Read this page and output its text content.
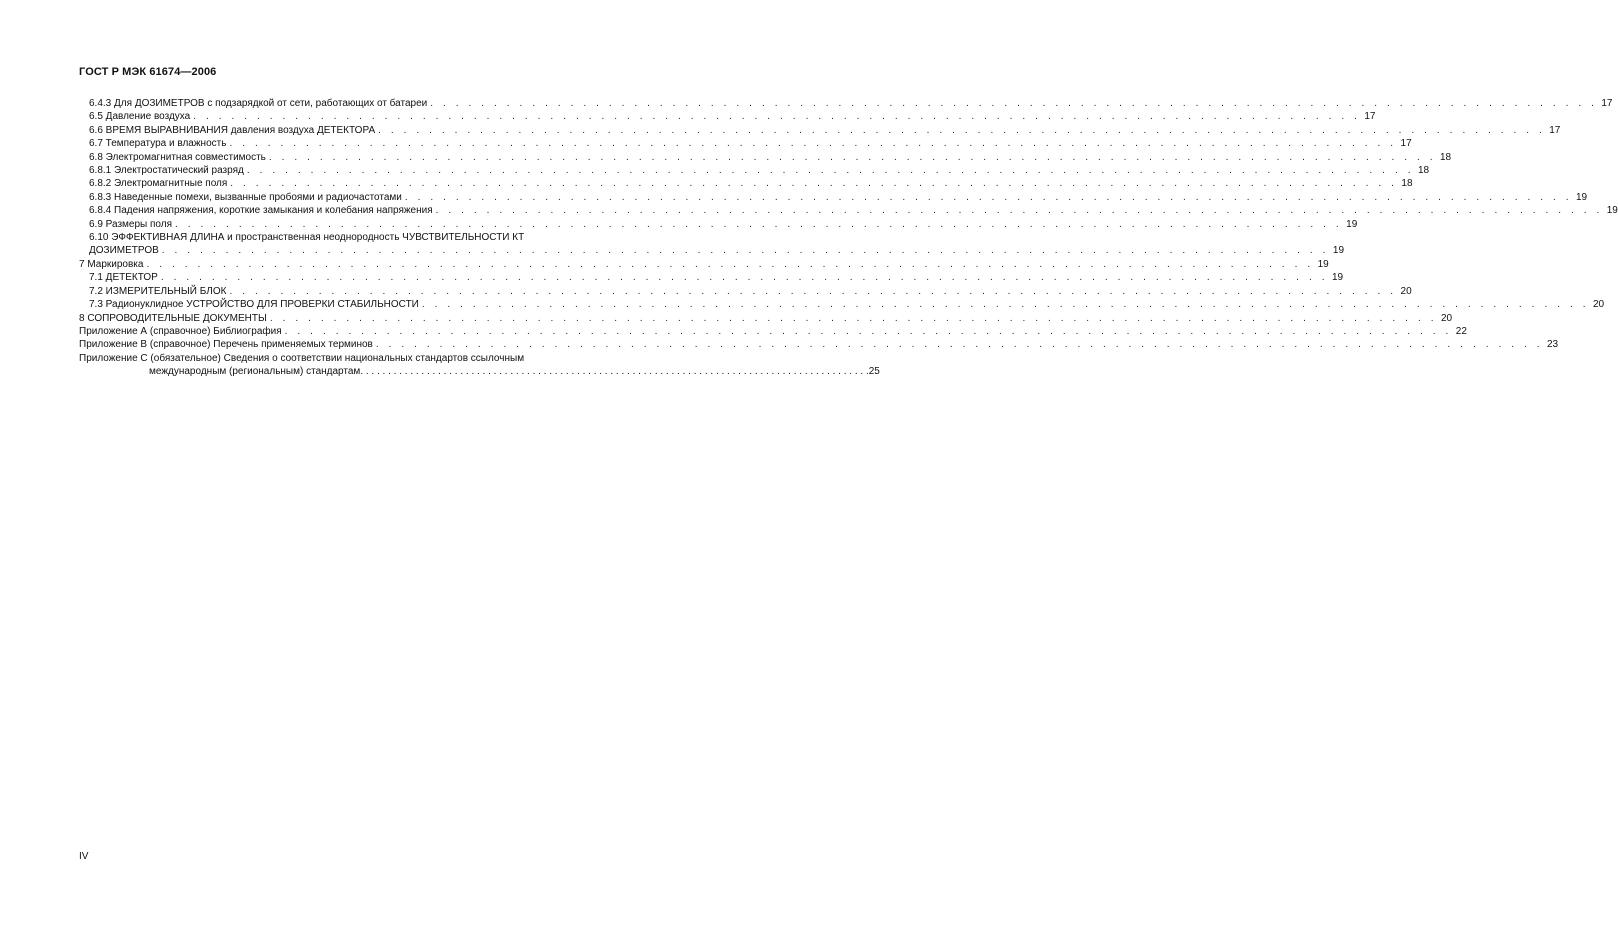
ГОСТ Р МЭК 61674—2006
6.4.3 Для ДОЗИМЕТРОВ с подзарядкой от сети, работающих от батареи . . . . . . . . . . . . . . . . . . . . . . . . . . . . . . . . . . . . . . . . . . . . . . . . . . . . . . . . . . . . . . . . . . . . . . . . . . . . . . . . . . . . . . . . . . . . 17
6.5 Давление воздуха . . . . . . . . . . . . . . . . . . . . . . . . . . . . . . . . . . . . . . . . . . . . . . . . . . . . . . . . . . . . . . . . . . . . . . . . . . . . . . . . . . . . . . . . . . . . 17
6.6 ВРЕМЯ ВЫРАВНИВАНИЯ давления воздуха ДЕТЕКТОРА . . . . . . . . . . . . . . . . . . . . . . . . . . . . . . . . . . . . . . . . . . . . . . . . . . . . . . . . . . . . . . . . . . . . . . . . . . . . . . . . . . . . . . . . . . . . 17
6.7 Температура и влажность . . . . . . . . . . . . . . . . . . . . . . . . . . . . . . . . . . . . . . . . . . . . . . . . . . . . . . . . . . . . . . . . . . . . . . . . . . . . . . . . . . . . . . . . . . . . 17
6.8 Электромагнитная совместимость . . . . . . . . . . . . . . . . . . . . . . . . . . . . . . . . . . . . . . . . . . . . . . . . . . . . . . . . . . . . . . . . . . . . . . . . . . . . . . . . . . . . . . . . . . . . 18
6.8.1 Электростатический разряд . . . . . . . . . . . . . . . . . . . . . . . . . . . . . . . . . . . . . . . . . . . . . . . . . . . . . . . . . . . . . . . . . . . . . . . . . . . . . . . . . . . . . . . . . . . . 18
6.8.2 Электромагнитные поля . . . . . . . . . . . . . . . . . . . . . . . . . . . . . . . . . . . . . . . . . . . . . . . . . . . . . . . . . . . . . . . . . . . . . . . . . . . . . . . . . . . . . . . . . . . . 18
6.8.3 Наведенные помехи, вызванные пробоями и радиочастотами . . . . . . . . . . . . . . . . . . . . . . . . . . . . . . . . . . . . . . . . . . . . . . . . . . . . . . . . . . . . . . . . . . . . . . . . . . . . . . . . . . . . . . . . . . . . 19
6.8.4 Падения напряжения, короткие замыкания и колебания напряжения . . . . . . . . . . . . . . . . . . . . . . . . . . . . . . . . . . . . . . . . . . . . . . . . . . . . . . . . . . . . . . . . . . . . . . . . . . . . . . . . . . . . . . . . . . . . 19
6.9 Размеры поля . . . . . . . . . . . . . . . . . . . . . . . . . . . . . . . . . . . . . . . . . . . . . . . . . . . . . . . . . . . . . . . . . . . . . . . . . . . . . . . . . . . . . . . . . . . . 19
6.10 ЭФФЕКТИВНАЯ ДЛИНА и пространственная неоднородность ЧУВСТВИТЕЛЬНОСТИ КТ
ДОЗИМЕТРОВ . . . . . . . . . . . . . . . . . . . . . . . . . . . . . . . . . . . . . . . . . . . . . . . . . . . . . . . . . . . . . . . . . . . . . . . . . . . . . . . . . . . . . . . . . . . . 19
7 Маркировка . . . . . . . . . . . . . . . . . . . . . . . . . . . . . . . . . . . . . . . . . . . . . . . . . . . . . . . . . . . . . . . . . . . . . . . . . . . . . . . . . . . . . . . . . . . . 19
7.1 ДЕТЕКТОР . . . . . . . . . . . . . . . . . . . . . . . . . . . . . . . . . . . . . . . . . . . . . . . . . . . . . . . . . . . . . . . . . . . . . . . . . . . . . . . . . . . . . . . . . . . . 19
7.2 ИЗМЕРИТЕЛЬНЫЙ БЛОК . . . . . . . . . . . . . . . . . . . . . . . . . . . . . . . . . . . . . . . . . . . . . . . . . . . . . . . . . . . . . . . . . . . . . . . . . . . . . . . . . . . . . . . . . . . . 20
7.3 Радионуклидное УСТРОЙСТВО ДЛЯ ПРОВЕРКИ СТАБИЛЬНОСТИ . . . . . . . . . . . . . . . . . . . . . . . . . . . . . . . . . . . . . . . . . . . . . . . . . . . . . . . . . . . . . . . . . . . . . . . . . . . . . . . . . . . . . . . . . . . . 20
8 СОПРОВОДИТЕЛЬНЫЕ ДОКУМЕНТЫ . . . . . . . . . . . . . . . . . . . . . . . . . . . . . . . . . . . . . . . . . . . . . . . . . . . . . . . . . . . . . . . . . . . . . . . . . . . . . . . . . . . . . . . . . . . . 20
Приложение А (справочное) Библиография . . . . . . . . . . . . . . . . . . . . . . . . . . . . . . . . . . . . . . . . . . . . . . . . . . . . . . . . . . . . . . . . . . . . . . . . . . . . . . . . . . . . . . . . . . . . 22
Приложение В (справочное) Перечень применяемых терминов . . . . . . . . . . . . . . . . . . . . . . . . . . . . . . . . . . . . . . . . . . . . . . . . . . . . . . . . . . . . . . . . . . . . . . . . . . . . . . . . . . . . . . . . . . . . 23
Приложение С (обязательное) Сведения о соответствии национальных стандартов ссылочным
международным (региональным) стандартам . . . . . . . . . . . . . . . . . . . . . . . . . . . . . . . . . . . . . . . . . . . . . . . . . . . . . . . . . . . . . . . . . . . . . . . . . . . . . . . . . . . . . . . . . . . . 25
IV
